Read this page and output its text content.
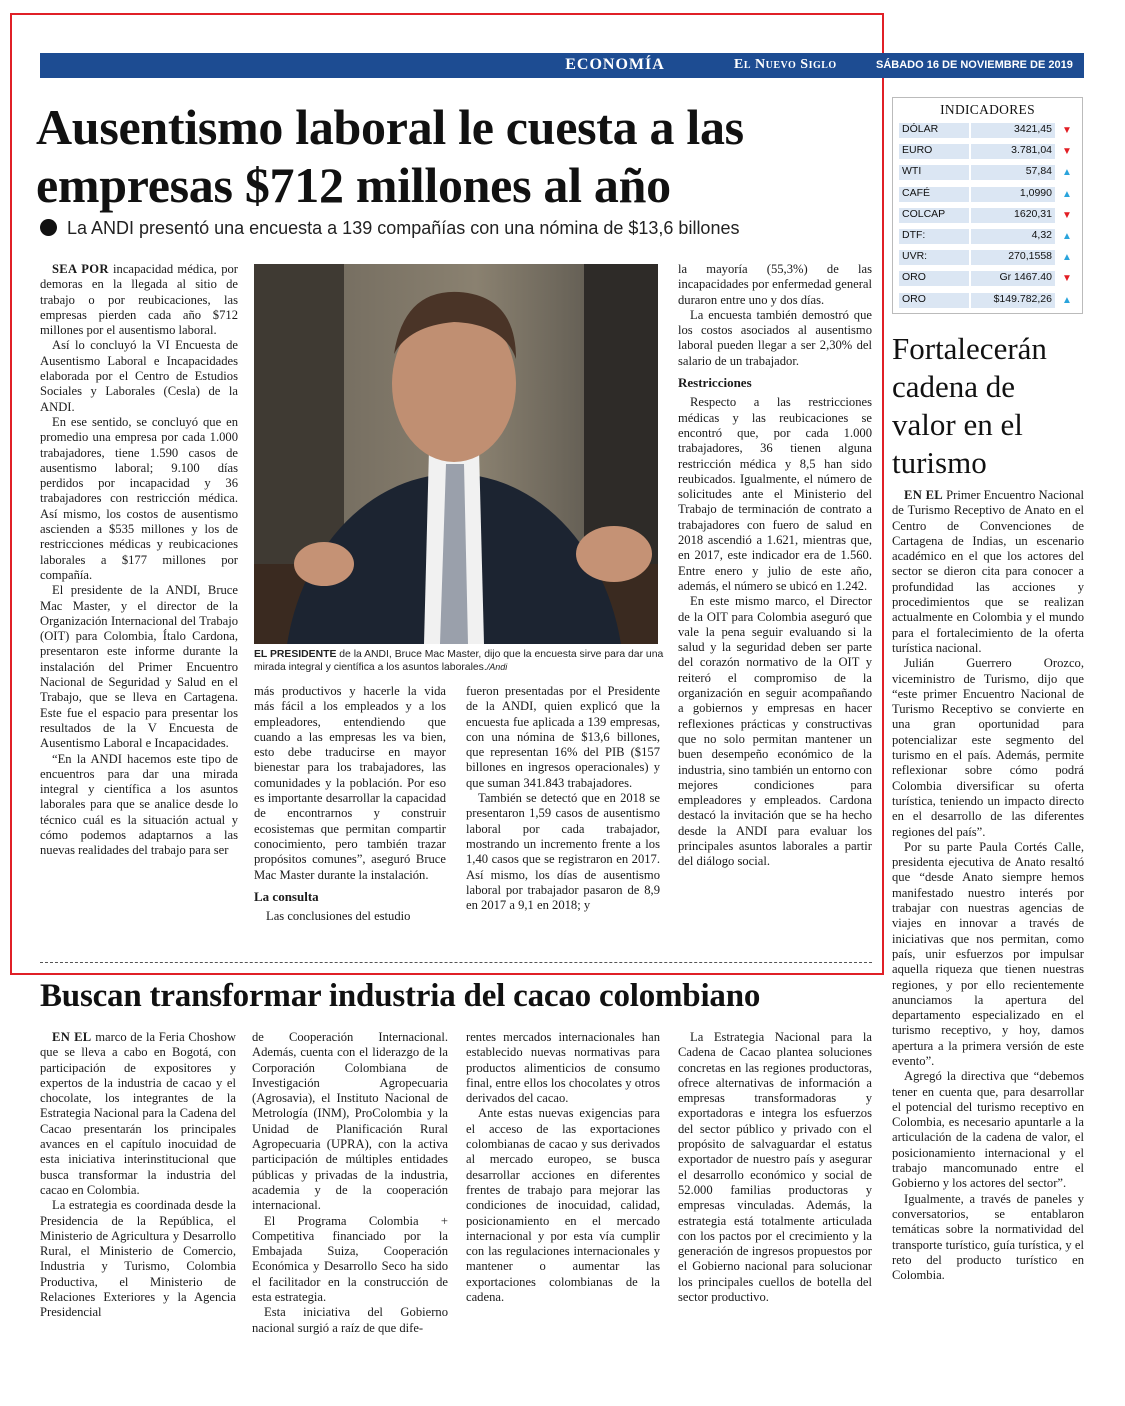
ECONOMÍA	El Nuevo Siglo	SÁBADO 16 DE NOVIEMBRE DE 2019 3B
Ausentismo laboral le cuesta a las empresas $712 millones al año
La ANDI presentó una encuesta a 139 compañías con una nómina de $13,6 billones
EL PRESIDENTE de la ANDI, Bruce Mac Master, dijo que la encuesta sirve para dar una mirada integral y científica a los asuntos laborales./Andi

SEA POR incapacidad médica, por demoras en la llegada al sitio de trabajo o por reubicaciones, las empresas pierden cada año $712 millones por el ausentismo laboral.

Así lo concluyó la VI Encuesta de Ausentismo Laboral e Incapacidades elaborada por el Centro de Estudios Sociales y Laborales (Cesla) de la ANDI.

En ese sentido, se concluyó que en promedio una empresa por cada 1.000 trabajadores, tiene 1.590 casos de ausentismo laboral; 9.100 días perdidos por incapacidad y 36 trabajadores con restricción médica. Así mismo, los costos de ausentismo ascienden a $535 millones y los de restricciones médicas y reubicaciones laborales a $177 millones por compañía.

El presidente de la ANDI, Bruce Mac Master, y el director de la Organización Internacional del Trabajo (OIT) para Colombia, Ítalo Cardona, presentaron este informe durante la instalación del Primer Encuentro Nacional de Seguridad y Salud en el Trabajo, que se lleva en Cartagena. Este fue el espacio para presentar los resultados de la V Encuesta de Ausentismo Laboral e Incapacidades.

“En la ANDI hacemos este tipo de encuentros para dar una mirada integral y científica a los asuntos laborales para que se analice desde lo técnico cuál es la situación actual y cómo podemos adaptarnos a las nuevas realidades del trabajo para ser

más productivos y hacerle la vida más fácil a los empleados y a los empleadores, entendiendo que cuando a las empresas les va bien, esto debe traducirse en mayor bienestar para los trabajadores, las comunidades y la población. Por eso es importante desarrollar la capacidad de encontrarnos y construir ecosistemas que permitan compartir conocimiento, pero también trazar propósitos comunes”, aseguró Bruce Mac Master durante la instalación.

La consulta

Las conclusiones del estudio

fueron presentadas por el Presidente de la ANDI, quien explicó que la encuesta fue aplicada a 139 empresas, con una nómina de $13,6 billones, que representan 16% del PIB ($157 billones en ingresos operacionales) y que suman 341.843 trabajadores.

También se detectó que en 2018 se presentaron 1,59 casos de ausentismo laboral por cada trabajador, mostrando un incremento frente a los 1,40 casos que se registraron en 2017. Así mismo, los días de ausentismo laboral por trabajador pasaron de 8,9 en 2017 a 9,1 en 2018; y

la mayoría (55,3%) de las incapacidades por enfermedad general duraron entre uno y dos días.

La encuesta también demostró que los costos asociados al ausentismo laboral pueden llegar a ser 2,30% del salario de un trabajador.

Restricciones

Respecto a las restricciones médicas y las reubicaciones se encontró que, por cada 1.000 trabajadores, 36 tienen alguna restricción médica y 8,5 han sido reubicados. Igualmente, el número de solicitudes ante el Ministerio del Trabajo de terminación de contrato a trabajadores con fuero de salud en 2018 ascendió a 1.621, mientras que, en 2017, este indicador era de 1.560. Entre enero y julio de este año, además, el número se ubicó en 1.242.

En este mismo marco, el Director de la OIT para Colombia aseguró que vale la pena seguir evaluando si la salud y la seguridad deben ser parte del corazón normativo de la OIT y reiteró el compromiso de la organización en seguir acompañando a gobiernos y empresas en hacer reflexiones prácticas y constructivas que no solo permitan mantener un buen desempeño económico de la industria, sino también un entorno con mejores condiciones para empleadores y empleados. Cardona destacó la invitación que se ha hecho desde la ANDI para evaluar los principales asuntos laborales a partir del diálogo social.

INDICADORES
DÓLAR	3421,45	▼
EURO	3.781,04	▼
WTI	57,84	▲
CAFÉ	1,0990	▲
COLCAP	1620,31	▼
DTF:	4,32	▲
UVR:	270,1558	▲
ORO	Gr 1467.40	▼
ORO	$149.782,26	▲
Fortalecerán cadena de valor en el turismo

EN EL Primer Encuentro Nacional de Turismo Receptivo de Anato en el Centro de Convenciones de Cartagena de Indias, un escenario académico en el que los actores del sector se dieron cita para conocer a profundidad las acciones y procedimientos que se realizan actualmente en Colombia y el mundo para el fortalecimiento de la oferta turística nacional.

Julián Guerrero Orozco, viceministro de Turismo, dijo que “este primer Encuentro Nacional de Turismo Receptivo se convierte en una gran oportunidad para potencializar este segmento del turismo en el país. Además, permite reflexionar sobre cómo podrá Colombia diversificar su oferta turística, teniendo un impacto directo en el desarrollo de las diferentes regiones del país”.

Por su parte Paula Cortés Calle, presidenta ejecutiva de Anato resaltó que “desde Anato siempre hemos manifestado nuestro interés por trabajar con nuestras agencias de viajes en innovar a través de iniciativas que nos permitan, como país, unir esfuerzos por impulsar aquella riqueza que tienen nuestras regiones, y por ello recientemente anunciamos la apertura del departamento especializado en el turismo receptivo, y hoy, damos apertura a la primera versión de este evento”.

Agregó la directiva que “debemos tener en cuenta que, para desarrollar el potencial del turismo receptivo en Colombia, es necesario apuntarle a la articulación de la cadena de valor, el posicionamiento internacional y el trabajo mancomunado entre el Gobierno y los actores del sector”.

Igualmente, a través de paneles y conversatorios, se entablaron temáticas sobre la normatividad del transporte turístico, guía turística, y el reto del producto turístico en Colombia.

Buscan transformar industria del cacao colombiano

EN EL marco de la Feria Choshow que se lleva a cabo en Bogotá, con participación de expositores y expertos de la industria de cacao y el chocolate, los integrantes de la Estrategia Nacional para la Cadena del Cacao presentarán los principales avances en el capítulo inocuidad de esta iniciativa interinstitucional que busca transformar la industria del cacao en Colombia.

La estrategia es coordinada desde la Presidencia de la República, el Ministerio de Agricultura y Desarrollo Rural, el Ministerio de Comercio, Industria y Turismo, Colombia Productiva, el Ministerio de Relaciones Exteriores y la Agencia Presidencial

de Cooperación Internacional. Además, cuenta con el liderazgo de la Corporación Colombiana de Investigación Agropecuaria (Agrosavia), el Instituto Nacional de Metrología (INM), ProColombia y la Unidad de Planificación Rural Agropecuaria (UPRA), con la activa participación de múltiples entidades públicas y privadas de la industria, academia y de la cooperación internacional.

El Programa Colombia + Competitiva financiado por la Embajada Suiza, Cooperación Económica y Desarrollo Seco ha sido el facilitador en la construcción de esta estrategia.

Esta iniciativa del Gobierno nacional surgió a raíz de que dife-

rentes mercados internacionales han establecido nuevas normativas para productos alimenticios de consumo final, entre ellos los chocolates y otros derivados del cacao.

Ante estas nuevas exigencias para el acceso de las exportaciones colombianas de cacao y sus derivados al mercado europeo, se busca desarrollar acciones en diferentes frentes de trabajo para mejorar las condiciones de inocuidad, calidad, posicionamiento en el mercado internacional y por esta vía cumplir con las regulaciones internacionales y mantener o aumentar las exportaciones colombianas de la cadena.

La Estrategia Nacional para la Cadena de Cacao plantea soluciones concretas en las regiones productoras, ofrece alternativas de información a empresas transformadoras y exportadoras e integra los esfuerzos del sector público y privado con el propósito de salvaguardar el estatus exportador de nuestro país y asegurar el desarrollo económico y social de 52.000 familias productoras y empresas vinculadas. Además, la estrategia está totalmente articulada con los pactos por el crecimiento y la generación de ingresos propuestos por el Gobierno nacional para solucionar los principales cuellos de botella del sector productivo.
